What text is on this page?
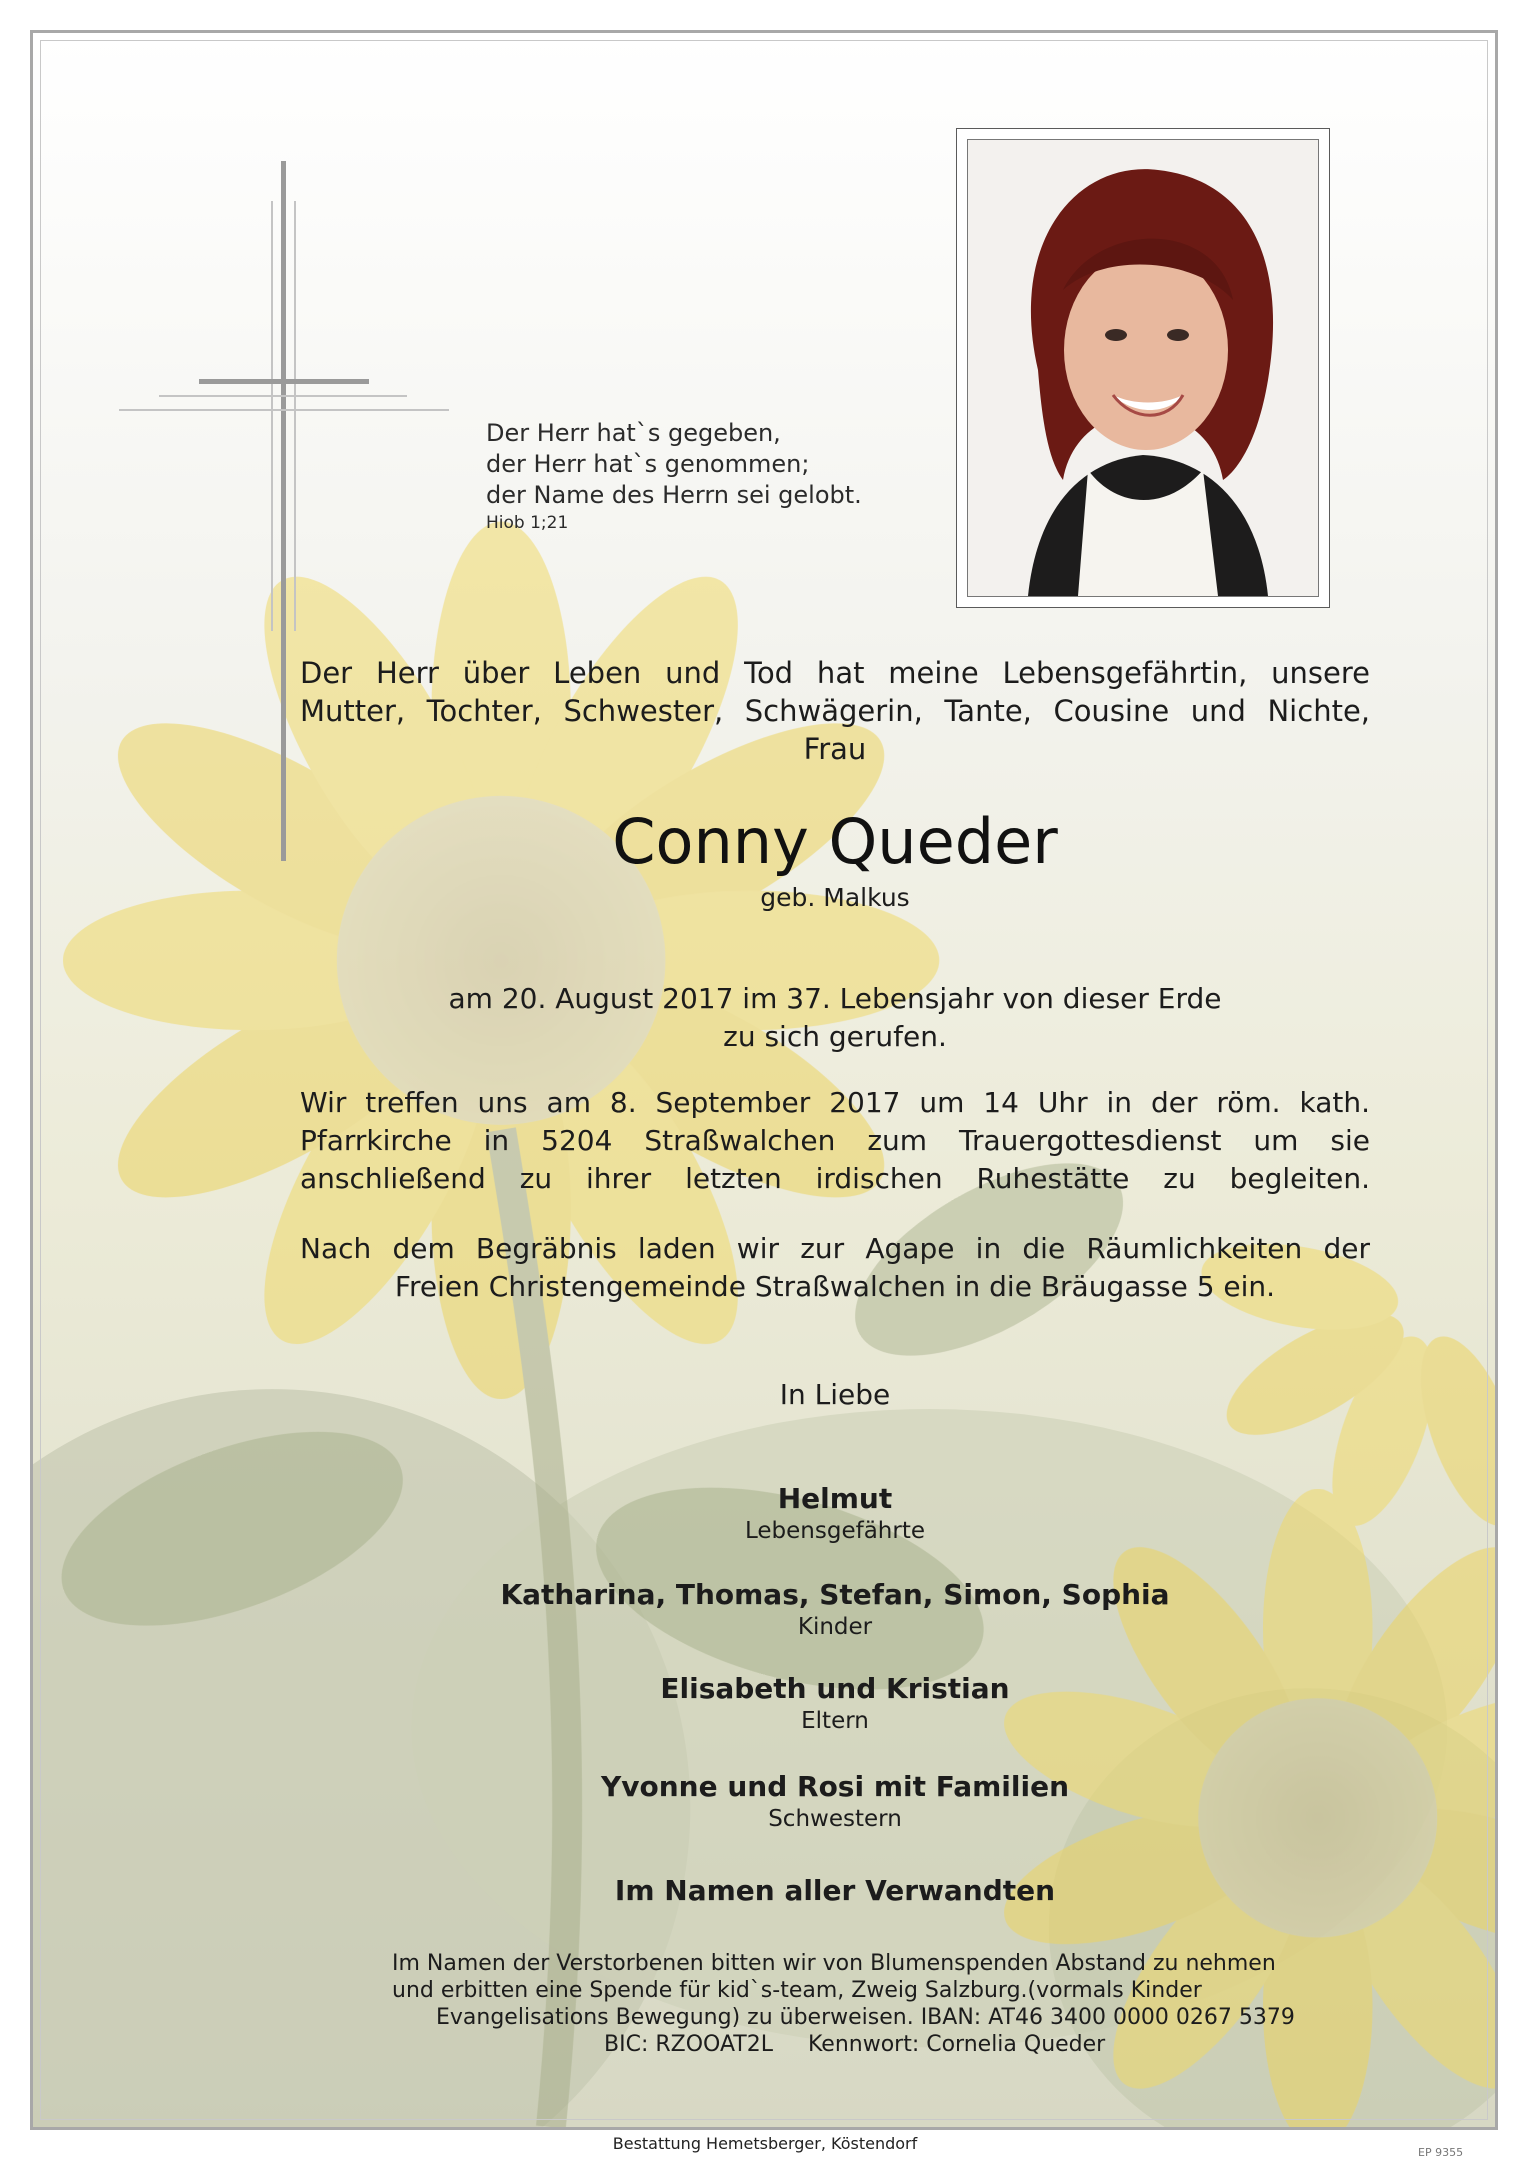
Der Herr hat`s gegeben,
der Herr hat`s genommen;
der Name des Herrn sei gelobt.
Hiob 1;21
Der Herr über Leben und Tod hat meine Lebensgefährtin, unsere
Mutter, Tochter, Schwester, Schwägerin, Tante, Cousine und Nichte,
Frau
Conny Queder
geb. Malkus
am 20. August 2017 im 37. Lebensjahr von dieser Erde
zu sich gerufen.
Wir treffen uns am 8. September 2017 um 14 Uhr in der röm. kath.
Pfarrkirche in 5204 Straßwalchen zum Trauergottesdienst um sie
anschließend zu ihrer letzten irdischen Ruhestätte zu begleiten.
Nach dem Begräbnis laden wir zur Agape in die Räumlichkeiten der
Freien Christengemeinde Straßwalchen in die Bräugasse 5 ein.
In Liebe
Helmut
Lebensgefährte
Katharina, Thomas, Stefan, Simon, Sophia
Kinder
Elisabeth und Kristian
Eltern
Yvonne und Rosi mit Familien
Schwestern
Im Namen aller Verwandten
Im Namen der Verstorbenen bitten wir von Blumenspenden Abstand zu nehmen
und erbitten eine Spende für kid`s-team, Zweig Salzburg.(vormals Kinder
Evangelisations Bewegung) zu überweisen. IBAN: AT46 3400 0000 0267 5379
BIC: RZOOAT2L     Kennwort: Cornelia Queder
Bestattung Hemetsberger, Köstendorf	EP 9355
